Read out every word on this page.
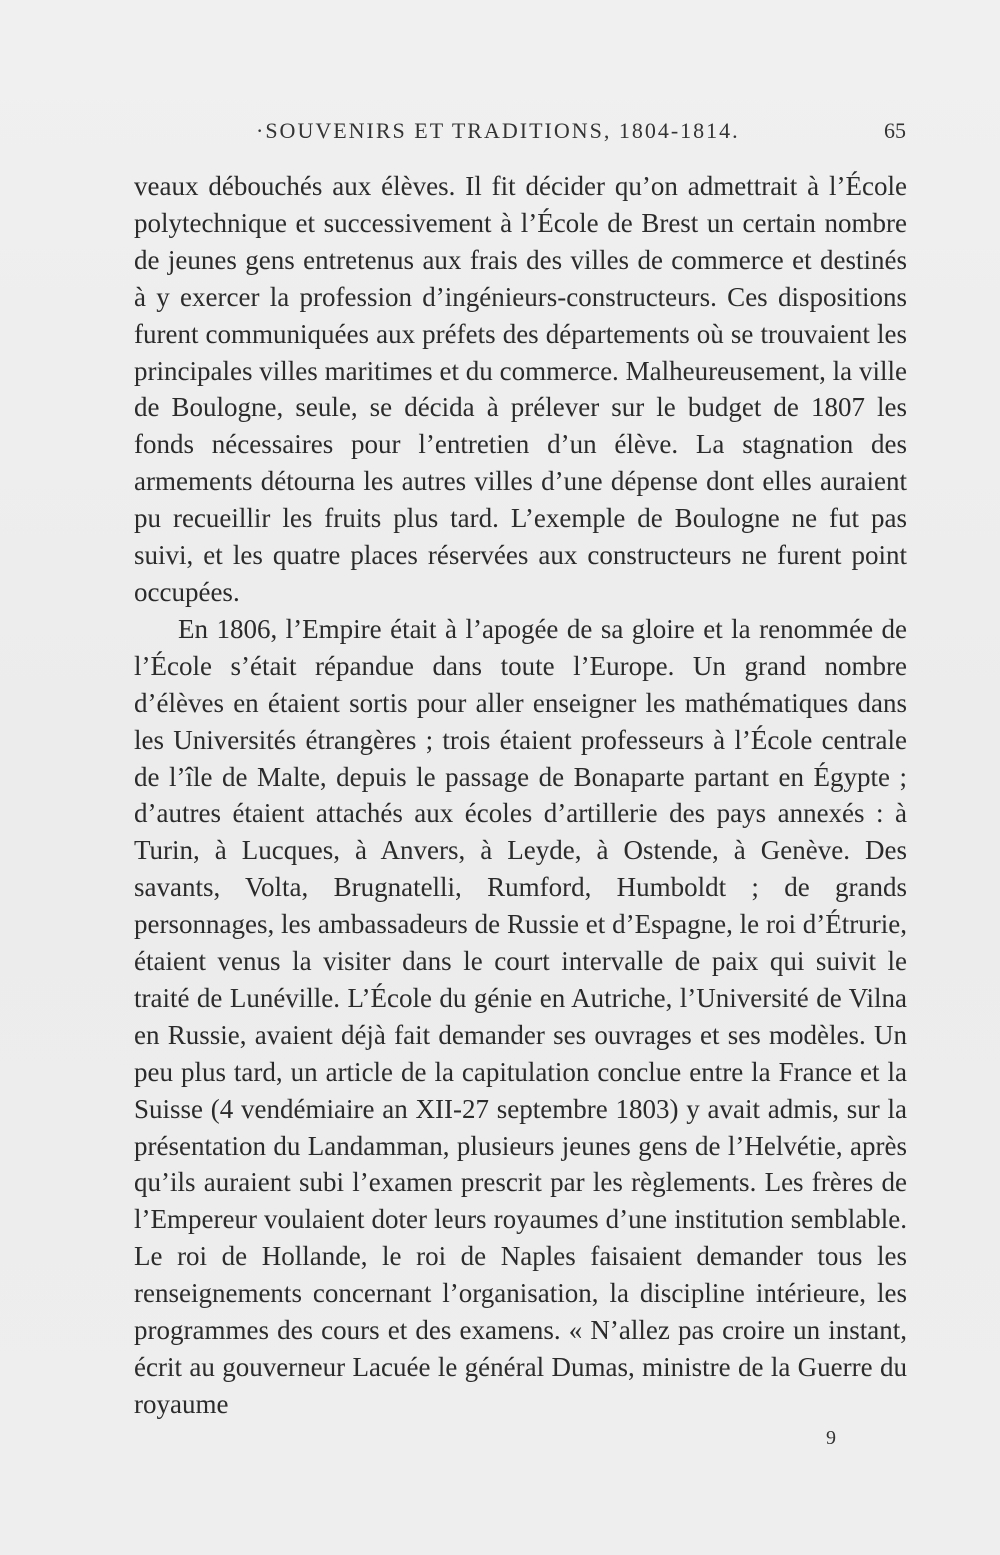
·SOUVENIRS ET TRADITIONS, 1804-1814.	65

veaux débouchés aux élèves. Il fit décider qu’on admettrait à l’École polytechnique et successivement à l’École de Brest un certain nombre de jeunes gens entretenus aux frais des villes de commerce et destinés à y exercer la profession d’ingénieurs-constructeurs. Ces dispositions furent communiquées aux préfets des départements où se trouvaient les principales villes maritimes et du commerce. Malheureusement, la ville de Boulogne, seule, se décida à prélever sur le budget de 1807 les fonds nécessaires pour l’entretien d’un élève. La stagnation des armements détourna les autres villes d’une dépense dont elles auraient pu recueillir les fruits plus tard. L’exemple de Boulogne ne fut pas suivi, et les quatre places réservées aux constructeurs ne furent point occupées.

En 1806, l’Empire était à l’apogée de sa gloire et la renommée de l’École s’était répandue dans toute l’Europe. Un grand nombre d’élèves en étaient sortis pour aller enseigner les mathématiques dans les Universités étrangères ; trois étaient professeurs à l’École centrale de l’île de Malte, depuis le passage de Bonaparte partant en Égypte ; d’autres étaient attachés aux écoles d’artillerie des pays annexés : à Turin, à Lucques, à Anvers, à Leyde, à Ostende, à Genève. Des savants, Volta, Brugnatelli, Rumford, Humboldt ; de grands personnages, les ambassadeurs de Russie et d’Espagne, le roi d’Étrurie, étaient venus la visiter dans le court intervalle de paix qui suivit le traité de Lunéville. L’École du génie en Autriche, l’Université de Vilna en Russie, avaient déjà fait demander ses ouvrages et ses modèles. Un peu plus tard, un article de la capitulation conclue entre la France et la Suisse (4 vendémiaire an XII-27 septembre 1803) y avait admis, sur la présentation du Landamman, plusieurs jeunes gens de l’Helvétie, après qu’ils auraient subi l’examen prescrit par les règlements. Les frères de l’Empereur voulaient doter leurs royaumes d’une institution semblable. Le roi de Hollande, le roi de Naples faisaient demander tous les renseignements concernant l’organisation, la discipline intérieure, les programmes des cours et des examens. « N’allez pas croire un instant, écrit au gouverneur Lacuée le général Dumas, ministre de la Guerre du royaume

9
